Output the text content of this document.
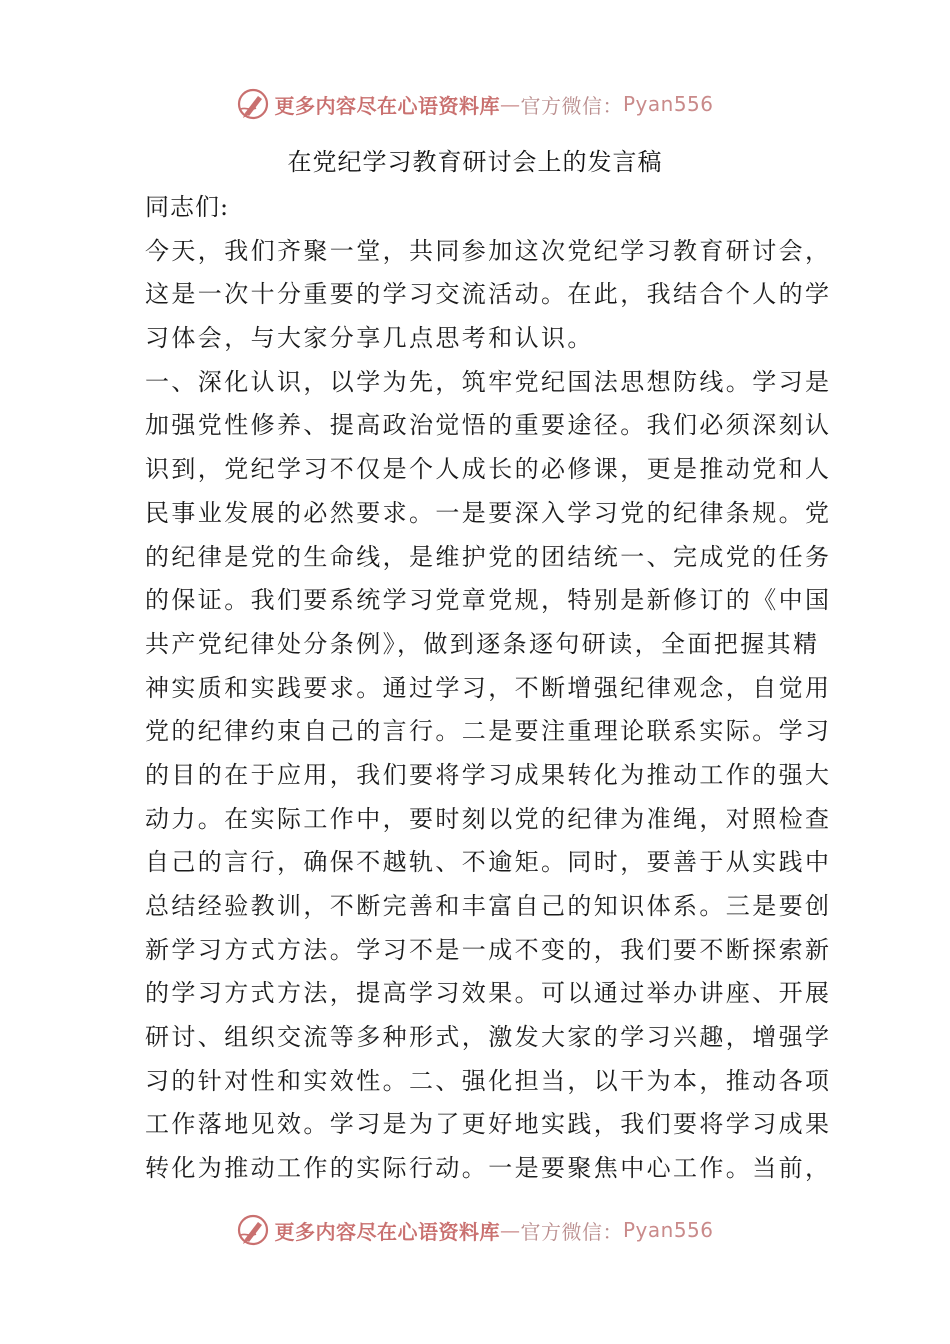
更多内容尽在心语资料库 — 官方微信： Pyan556
在党纪学习教育研讨会上的发言稿
同志们:
今天，我们齐聚一堂，共同参加这次党纪学习教育研讨会，
这是一次十分重要的学习交流活动。在此，我结合个人的学
习体会，与大家分享几点思考和认识。
一、深化认识，以学为先，筑牢党纪国法思想防线。学习是
加强党性修养、提高政治觉悟的重要途径。我们必须深刻认
识到，党纪学习不仅是个人成长的必修课，更是推动党和人
民事业发展的必然要求。一是要深入学习党的纪律条规。党
的纪律是党的生命线，是维护党的团结统一、完成党的任务
的保证。我们要系统学习党章党规，特别是新修订的《中国
共产党纪律处分条例》，做到逐条逐句研读，全面把握其精
神实质和实践要求。通过学习，不断增强纪律观念，自觉用
党的纪律约束自己的言行。二是要注重理论联系实际。学习
的目的在于应用，我们要将学习成果转化为推动工作的强大
动力。在实际工作中，要时刻以党的纪律为准绳，对照检查
自己的言行，确保不越轨、不逾矩。同时，要善于从实践中
总结经验教训，不断完善和丰富自己的知识体系。三是要创
新学习方式方法。学习不是一成不变的，我们要不断探索新
的学习方式方法，提高学习效果。可以通过举办讲座、开展
研讨、组织交流等多种形式，激发大家的学习兴趣，增强学
习的针对性和实效性。二、强化担当，以干为本，推动各项
工作落地见效。学习是为了更好地实践，我们要将学习成果
转化为推动工作的实际行动。一是要聚焦中心工作。当前，
更多内容尽在心语资料库 — 官方微信： Pyan556
